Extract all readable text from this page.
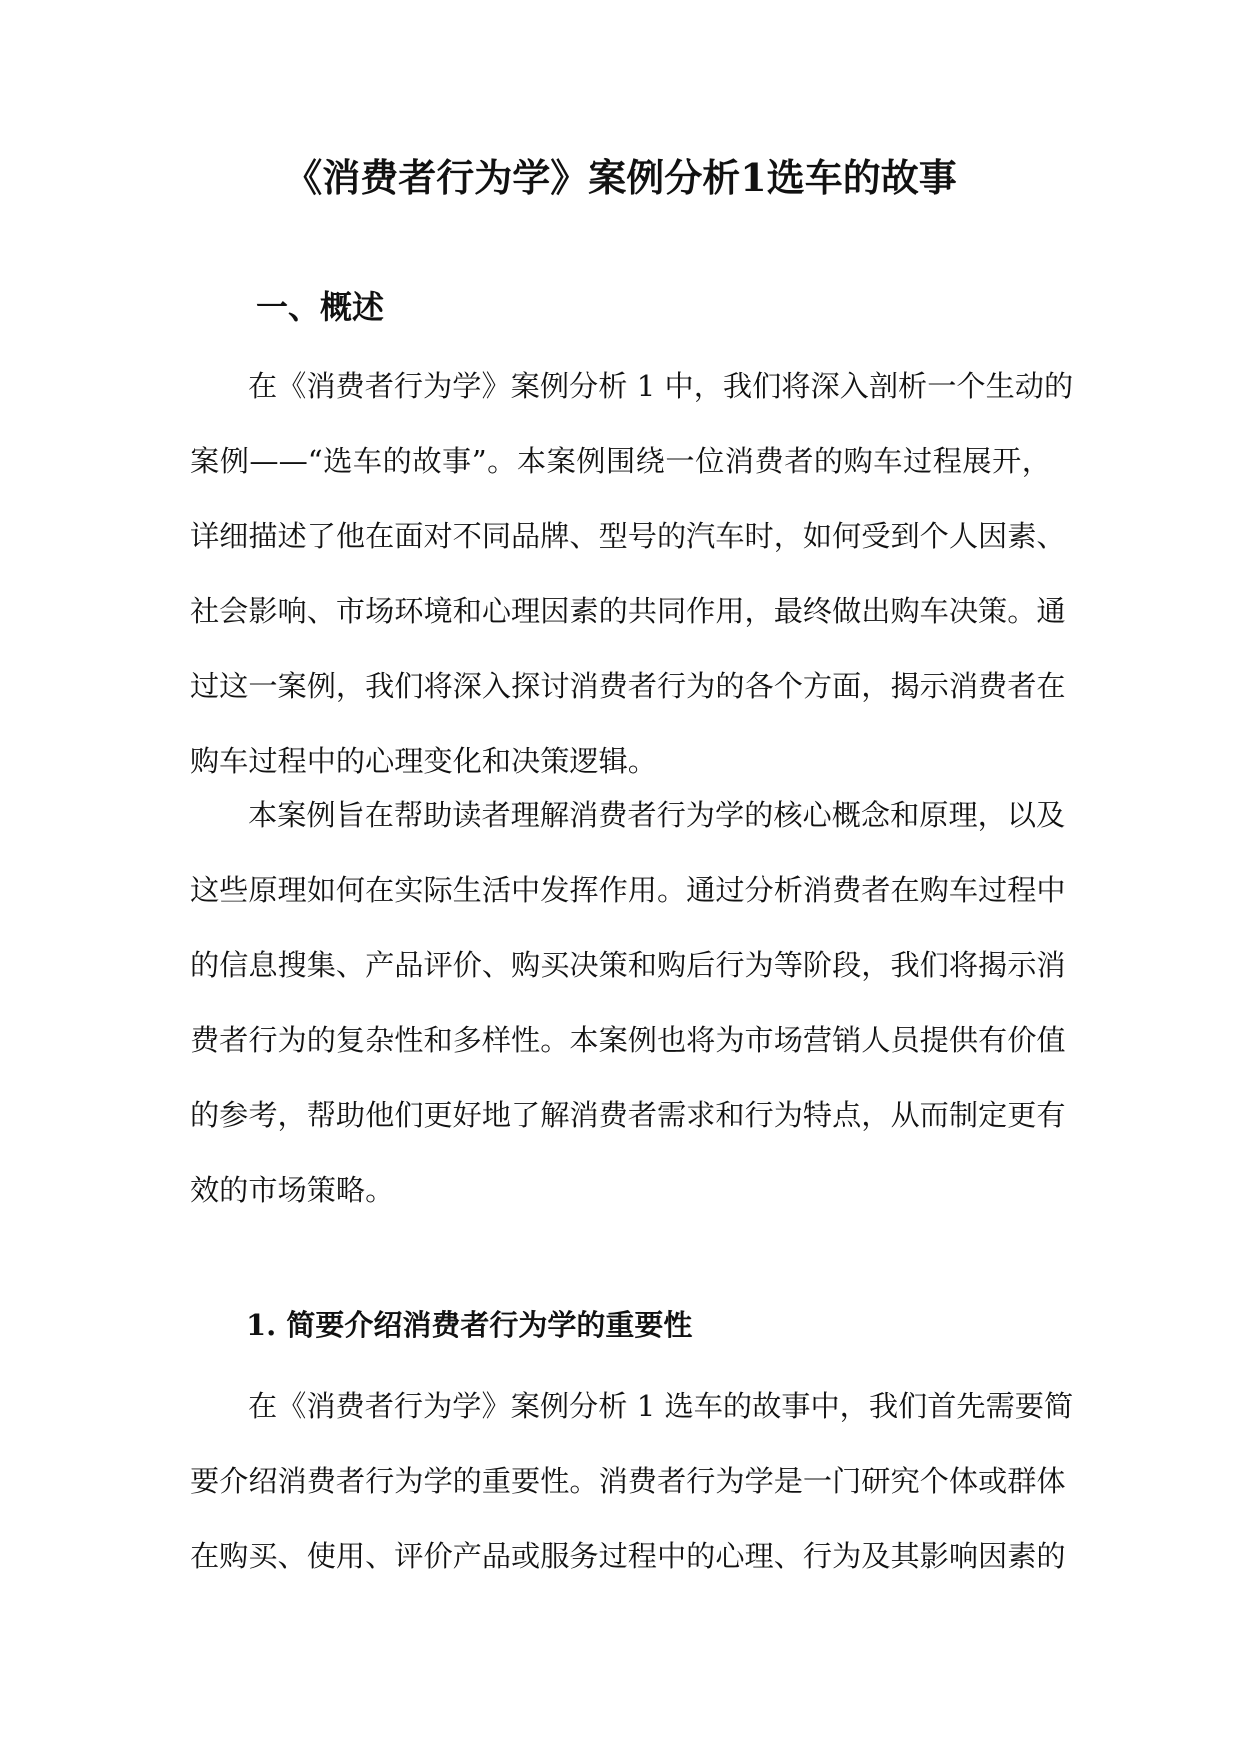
《消费者行为学》案例分析1选车的故事
一、概述
在《消费者行为学》案例分析 1 中，我们将深入剖析一个生动的
案例——“选车的故事”。本案例围绕一位消费者的购车过程展开，
详细描述了他在面对不同品牌、型号的汽车时，如何受到个人因素、
社会影响、市场环境和心理因素的共同作用，最终做出购车决策。通
过这一案例，我们将深入探讨消费者行为的各个方面，揭示消费者在
购车过程中的心理变化和决策逻辑。
本案例旨在帮助读者理解消费者行为学的核心概念和原理，以及
这些原理如何在实际生活中发挥作用。通过分析消费者在购车过程中
的信息搜集、产品评价、购买决策和购后行为等阶段，我们将揭示消
费者行为的复杂性和多样性。本案例也将为市场营销人员提供有价值
的参考，帮助他们更好地了解消费者需求和行为特点，从而制定更有
效的市场策略。
1. 简要介绍消费者行为学的重要性
在《消费者行为学》案例分析 1 选车的故事中，我们首先需要简
要介绍消费者行为学的重要性。消费者行为学是一门研究个体或群体
在购买、使用、评价产品或服务过程中的心理、行为及其影响因素的
